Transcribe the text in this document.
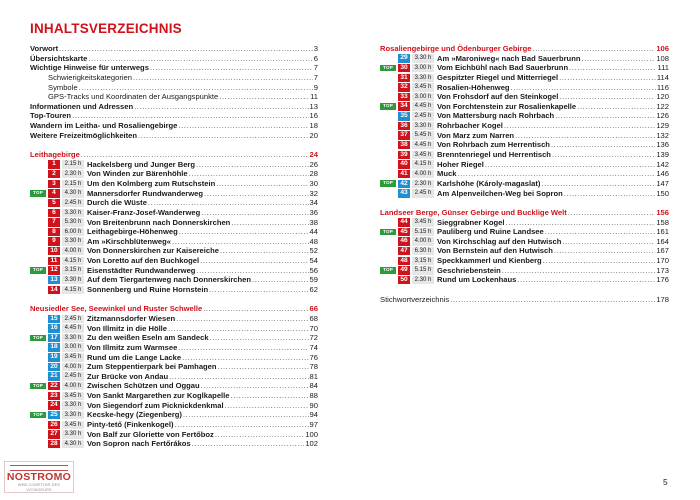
INHALTSVERZEICHNIS
Vorwort .....	3
Übersichtskarte .....	6
Wichtige Hinweise für unterwegs .....	7
Schwierigkeitskategorien .....	7
Symbole .....	9
GPS-Tracks und Koordinaten der Ausgangspunkte .....	11
Informationen und Adressen .....	13
Top-Touren .....	16
Wandern im Leitha- und Rosaliengebirge .....	18
Weitere Freizeitmöglichkeiten .....	20
Leithagebirge .....	24
1	2.15 h Hackelsberg und Junger Berg .....	26
2	2.30 h Von Winden zur Bärenhöhle .....	28
3	2.15 h Um den Kolmberg zum Rutschstein .....	30
TOP	4	4.30 h Mannersdorfer Rundwanderweg .....	32
5	2.45 h Durch die Wüste .....	34
6	3.30 h Kaiser-Franz-Josef-Wanderweg .....	36
7	5.30 h Von Breitenbrunn nach Donnerskirchen .....	38
8	6.00 h Leithagebirge-Höhenweg .....	44
9	3.30 h Am »Kirschblütenweg« .....	48
10	4.00 h Von Donnerskirchen zur Kaisereiche .....	52
11	4.15 h Von Loretto auf den Buchkogel .....	54
TOP	12	3.15 h Eisenstädter Rundwanderweg .....	56
13	3.30 h Auf dem Tiergartenweg nach Donnerskirchen .....	59
14	4.15 h Sonnenberg und Ruine Hornstein .....	62
Neusiedler See, Seewinkel und Ruster Schwelle .....	66
15	2.45 h Zitzmannsdorfer Wiesen .....	68
16	4.45 h Von Illmitz in die Hölle .....	70
TOP	17	3.30 h Zu den weißen Eseln am Sandeck .....	72
18	3.00 h Von Illmitz zum Warmsee .....	74
19	3.45 h Rund um die Lange Lacke .....	76
20	4.00 h Zum Steppentierpark bei Pamhagen .....	78
21	2.45 h Zur Brücke von Andau .....	81
TOP	22	4.00 h Zwischen Schützen und Oggau .....	84
23	3.45 h Von Sankt Margarethen zur Koglkapelle .....	88
24	3.30 h Von Siegendorf zum Picknickdenkmal .....	90
TOP	25	3.30 h Kecske-hegy (Ziegenberg) .....	94
26	3.45 h Pinty-tető (Finkenkogel) .....	97
27	3.30 h Von Balf zur Gloriette von Fertőboz .....	100
28	4.30 h Von Sopron nach Fertőrákos .....	102
Rosaliengebirge und Ödenburger Gebirge .....	106
29	3.30 h Am »Maroniweg« nach Bad Sauerbrunn .....	108
TOP	30	3.00 h Vom Eichbühl nach Bad Sauerbrunn .....	111
31	3.30 h Gespitzter Riegel und Mitterriegel .....	114
32	3.45 h Rosalien-Höhenweg .....	116
33	3.00 h Von Frohsdorf auf den Steinkogel .....	120
TOP	34	4.45 h Von Forchtenstein zur Rosalienkapelle .....	122
35	2.45 h Von Mattersburg nach Rohrbach .....	126
36	3.30 h Rohrbacher Kogel .....	129
37	5.45 h Von Marz zum Narren .....	132
38	4.45 h Von Rohrbach zum Herrentisch .....	136
39	3.45 h Brenntenriegel und Herrentisch .....	139
40	4.15 h Hoher Riegel .....	142
41	4.00 h Muck .....	146
TOP	42	2.30 h Karlshöhe (Károly-magaslat) .....	147
43	2.45 h Am Alpenveilchen-Weg bei Sopron .....	150
Landseer Berge, Günser Gebirge und Bucklige Welt .....	156
44	3.45 h Sieggrabner Kogel .....	158
TOP	45	5.15 h Pauliberg und Ruine Landsee .....	161
46	4.00 h Von Kirchschlag auf den Hutwisch .....	164
47	6.30 h Von Bernstein auf den Hutwisch .....	167
48	3.15 h Speckkammerl und Kienberg .....	170
TOP	49	5.15 h Geschriebenstein .....	173
50	2.30 h Rund um Lockenhaus .....	176
Stichwortverzeichnis .....	178
5
NOSTROMO
WEB COMPTOIR DES VOYAGEURS
